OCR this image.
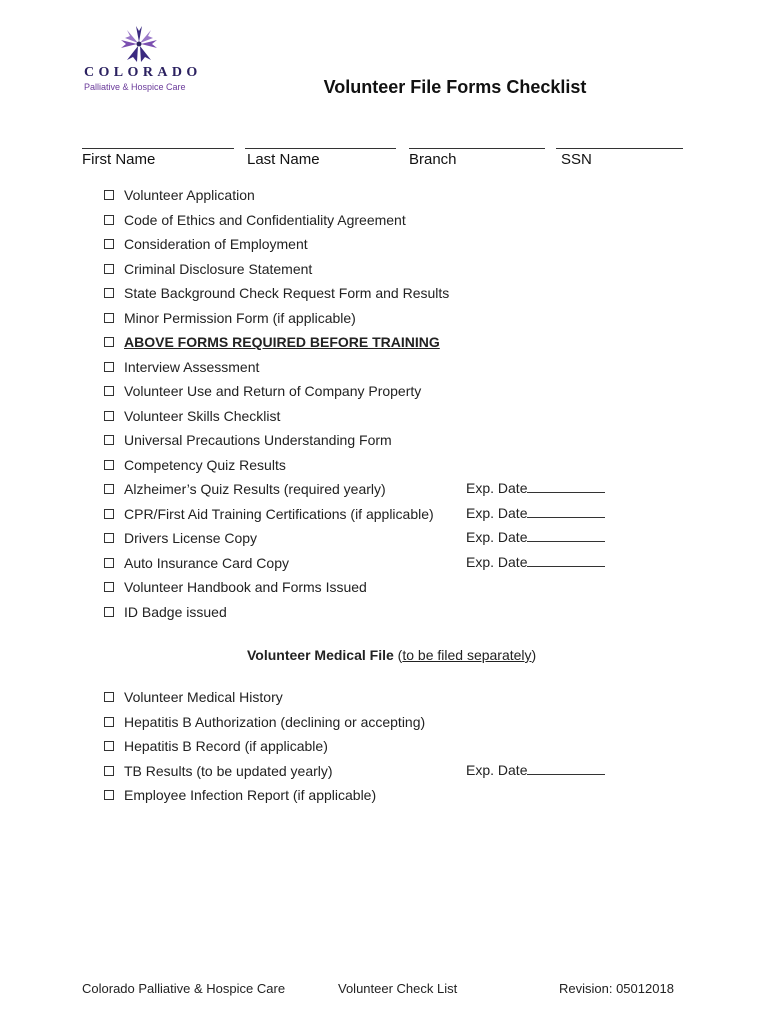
COLORADO
Palliative & Hospice Care	Volunteer File Forms Checklist
First Name	Last Name	Branch	SSN
Volunteer Application
Code of Ethics and Confidentiality Agreement
Consideration of Employment
Criminal Disclosure Statement
State Background Check Request Form and Results
Minor Permission Form (if applicable)
ABOVE FORMS REQUIRED BEFORE TRAINING
Interview Assessment
Volunteer Use and Return of Company Property
Volunteer Skills Checklist
Universal Precautions Understanding Form
Competency Quiz Results
Alzheimer’s Quiz Results (required yearly)	Exp. Date
CPR/First Aid Training Certifications (if applicable) Exp. Date
Drivers License Copy	Exp. Date
Auto Insurance Card Copy	Exp. Date
Volunteer Handbook and Forms Issued
ID Badge issued
Volunteer Medical File (to be filed separately)
Volunteer Medical History
Hepatitis B Authorization (declining or accepting)
Hepatitis B Record (if applicable)
TB Results (to be updated yearly)	Exp. Date
Employee Infection Report (if applicable)
Colorado Palliative & Hospice Care	Volunteer Check List	Revision: 05012018
